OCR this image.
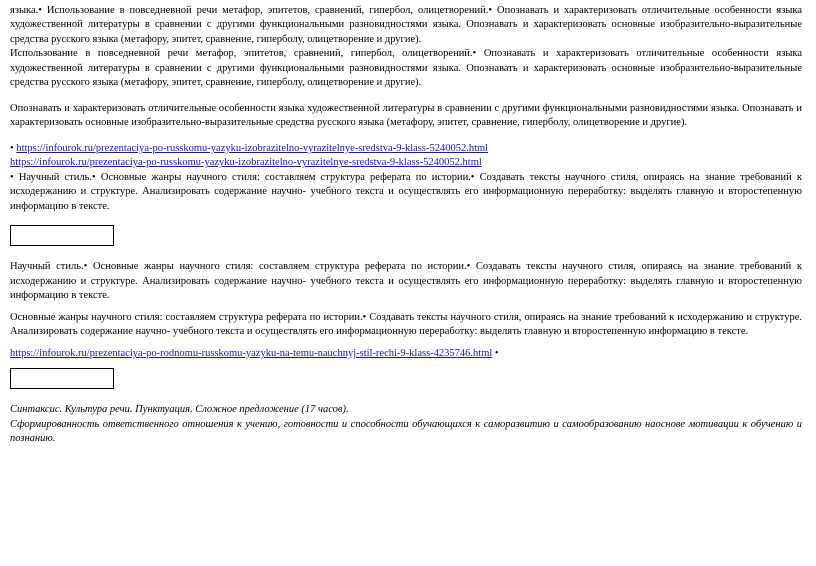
языка.• Использование в повседневной речи метафор, эпитетов, сравнений, гипербол, олицетворений.• Опознавать и характеризовать отличительные особенности языка художественной литературы в сравнении с другими функциональными разновидностями языка. Опознавать и характеризовать основные изобразительно-выразительные средства русского языка (метафору, эпитет, сравнение, гиперболу, олицетворение и другие).

Использование в повседневной речи метафор, эпитетов, сравнений, гипербол, олицетворений.• Опознавать и характеризовать отличительные особенности языка художественной литературы в сравнении с другими функциональными разновидностями языка. Опознавать и характеризовать основные изобразительно-выразительные средства русского языка (метафору, эпитет, сравнение, гиперболу, олицетворение и другие).

Опознавать и характеризовать отличительные особенности языка художественной литературы в сравнении с другими функциональными разновидностями языка. Опознавать и характеризовать основные изобразительно-выразительные средства русского языка (метафору, эпитет, сравнение, гиперболу, олицетворение и другие).

• https://infourok.ru/prezentaciya-po-russkomu-yazyku-izobrazitelno-vyrazitelnye-sredstva-9-klass-5240052.html

https://infourok.ru/prezentaciya-po-russkomu-yazyku-izobrazitelno-vyrazitelnye-sredstva-9-klass-5240052.html

• Научный стиль.• Основные жанры научного стиля: составляем структура реферата по истории.• Создавать тексты научного стиля, опираясь на знание требований к исходержанию и структуре. Анализировать содержание научно- учебного текста и осуществлять его информационную переработку: выделять главную и второстепенную информацию в тексте.

Научный стиль.• Основные жанры научного стиля: составляем структура реферата по истории.• Создавать тексты научного стиля, опираясь на знание требований к исходержанию и структуре. Анализировать содержание научно- учебного текста и осуществлять его информационную переработку: выделять главную и второстепенную информацию в тексте.

Основные жанры научного стиля: составляем структура реферата по истории.• Создавать тексты научного стиля, опираясь на знание требований к исходержанию и структуре. Анализировать содержание научно- учебного текста и осуществлять его информационную переработку: выделять главную и второстепенную информацию в тексте.

https://infourok.ru/prezentaciya-po-rodnomu-russkomu-yazyku-na-temu-nauchnyj-stil-rechi-9-klass-4235746.html •

Синтаксис. Культура речи. Пунктуация. Сложное предложение (17 часов).

Сформированность ответственного отношения к учению, готовности и способности обучающихся к саморазвитию и самообразованию наоснове мотивации к обучению и познанию.
